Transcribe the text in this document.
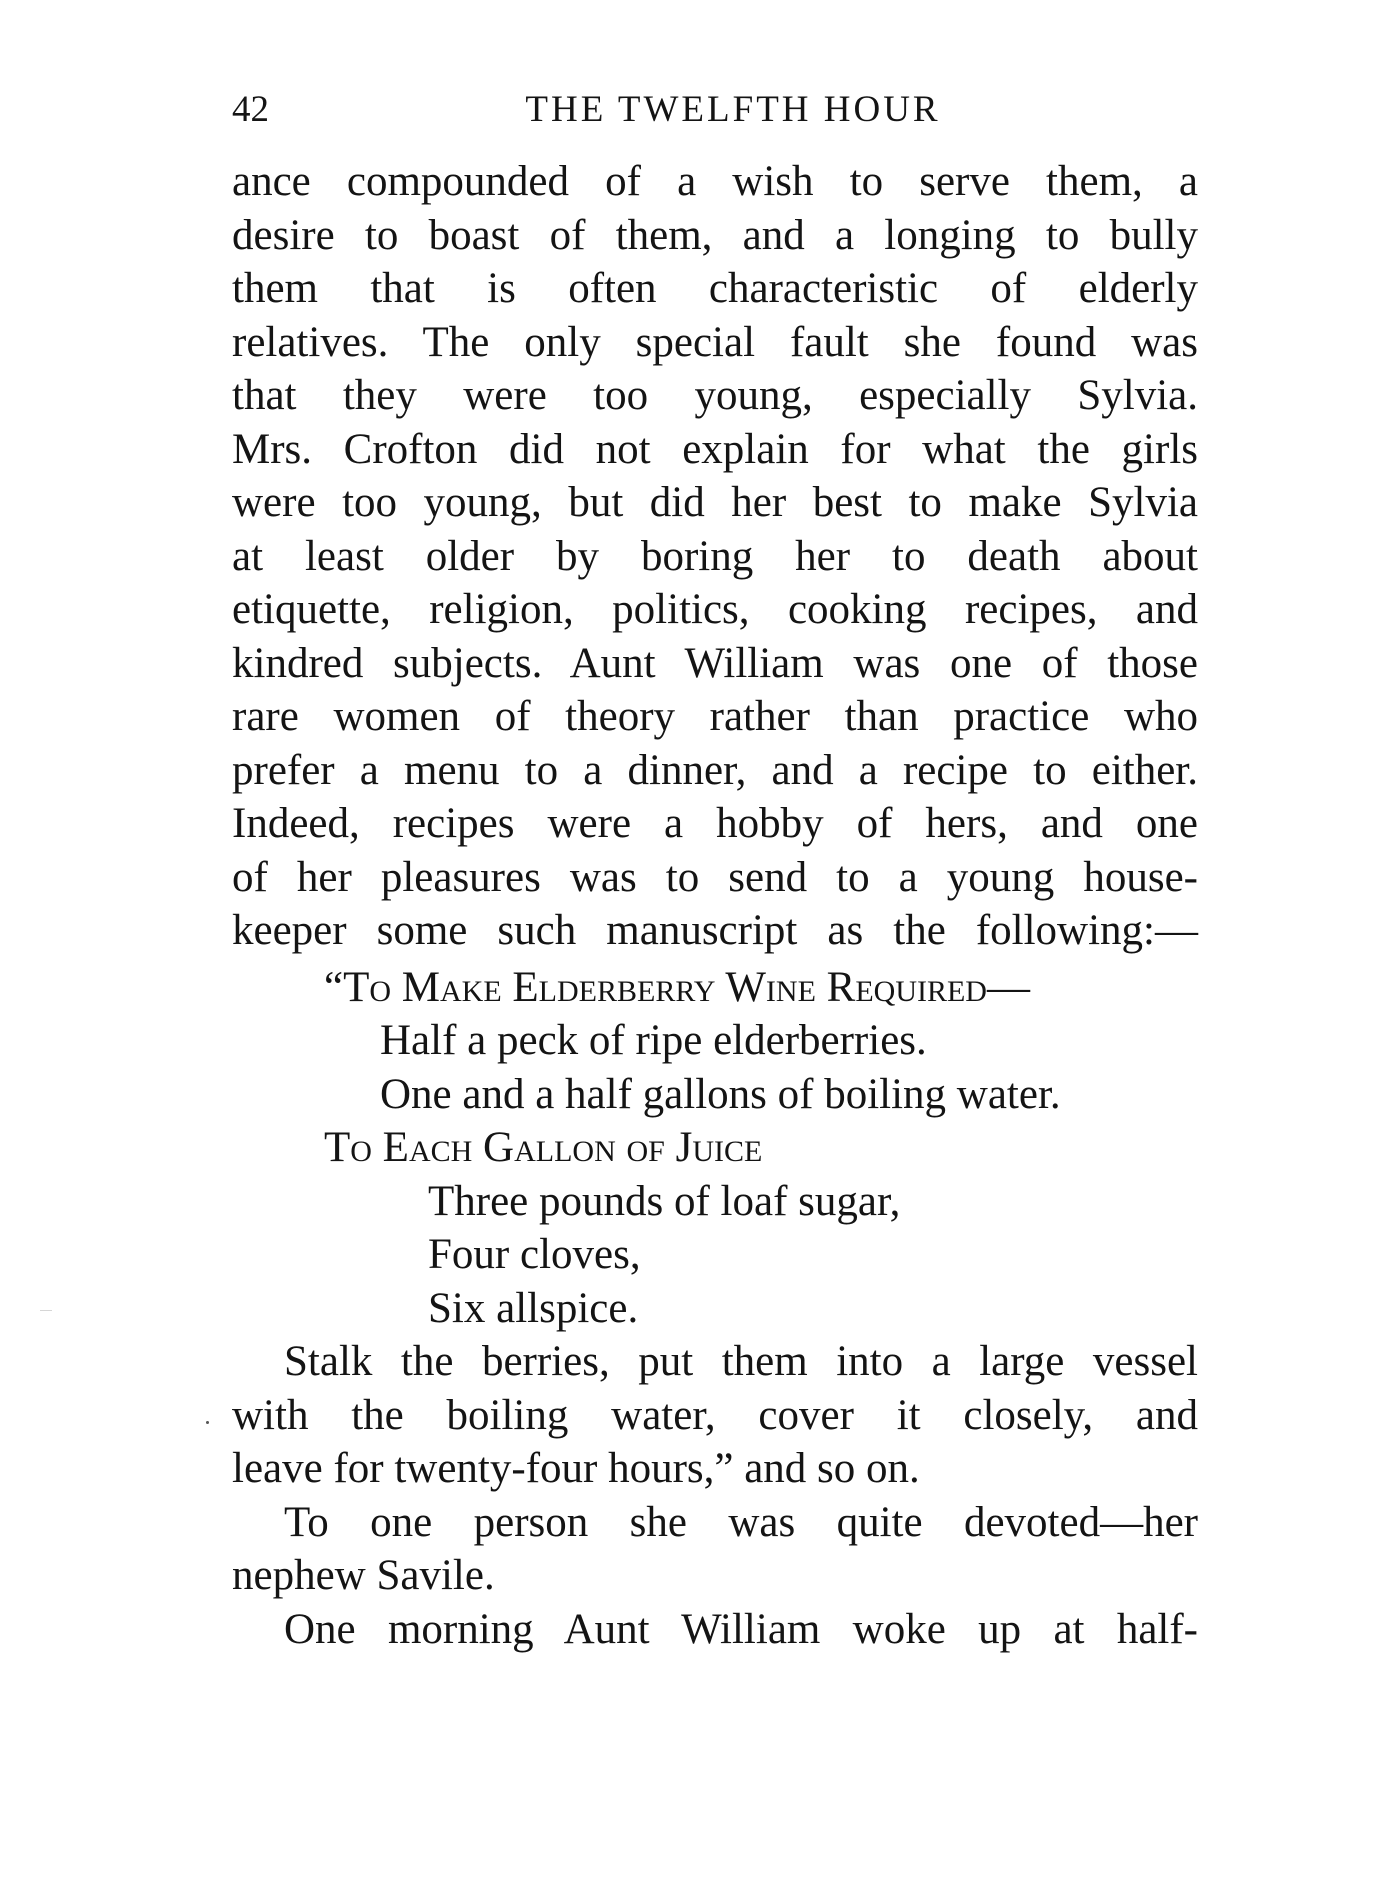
42	THE TWELFTH HOUR
ance compounded of a wish to serve them, a
desire to boast of them, and a longing to bully
them that is often characteristic of elderly
relatives. The only special fault she found was
that they were too young, especially Sylvia.
Mrs. Crofton did not explain for what the girls
were too young, but did her best to make Sylvia
at least older by boring her to death about
etiquette, religion, politics, cooking recipes, and
kindred subjects. Aunt William was one of those
rare women of theory rather than practice who
prefer a menu to a dinner, and a recipe to either.
Indeed, recipes were a hobby of hers, and one
of her pleasures was to send to a young house-
keeper some such manuscript as the following:—
“To Make Elderberry Wine Required—
Half a peck of ripe elderberries.
One and a half gallons of boiling water.
To Each Gallon of Juice
Three pounds of loaf sugar,
Four cloves,
Six allspice.
Stalk the berries, put them into a large vessel
with the boiling water, cover it closely, and
leave for twenty-four hours,” and so on.
To one person she was quite devoted—her
nephew Savile.
One morning Aunt William woke up at half-
